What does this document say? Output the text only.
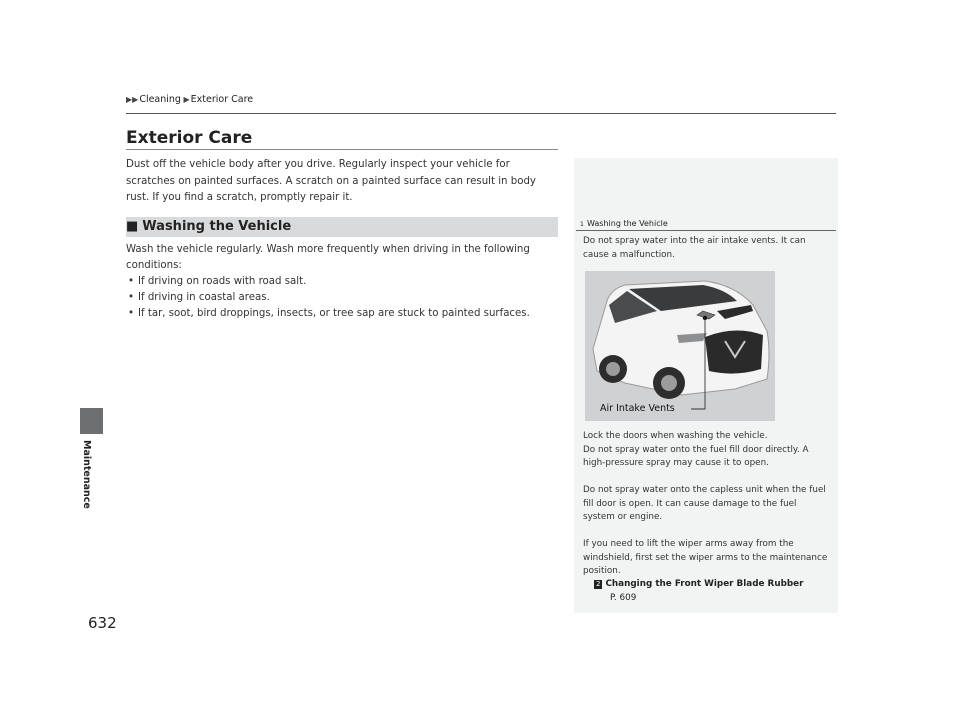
▶▶Cleaning ▶Exterior Care
Maintenance
632
Exterior Care
Dust off the vehicle body after you drive. Regularly inspect your vehicle for scratches on painted surfaces. A scratch on a painted surface can result in body rust. If you find a scratch, promptly repair it.
■ Washing the Vehicle
Wash the vehicle regularly. Wash more frequently when driving in the following conditions:
• If driving on roads with road salt.
• If driving in coastal areas.
• If tar, soot, bird droppings, insects, or tree sap are stuck to painted surfaces.
1 Washing the Vehicle
Do not spray water into the air intake vents. It can cause a malfunction.
Air Intake Vents
Lock the doors when washing the vehicle.
Do not spray water onto the fuel fill door directly. A high-pressure spray may cause it to open.
Do not spray water onto the capless unit when the fuel fill door is open. It can cause damage to the fuel system or engine.
If you need to lift the wiper arms away from the windshield, first set the wiper arms to the maintenance position.
2 Changing the Front Wiper Blade Rubber
P. 609
